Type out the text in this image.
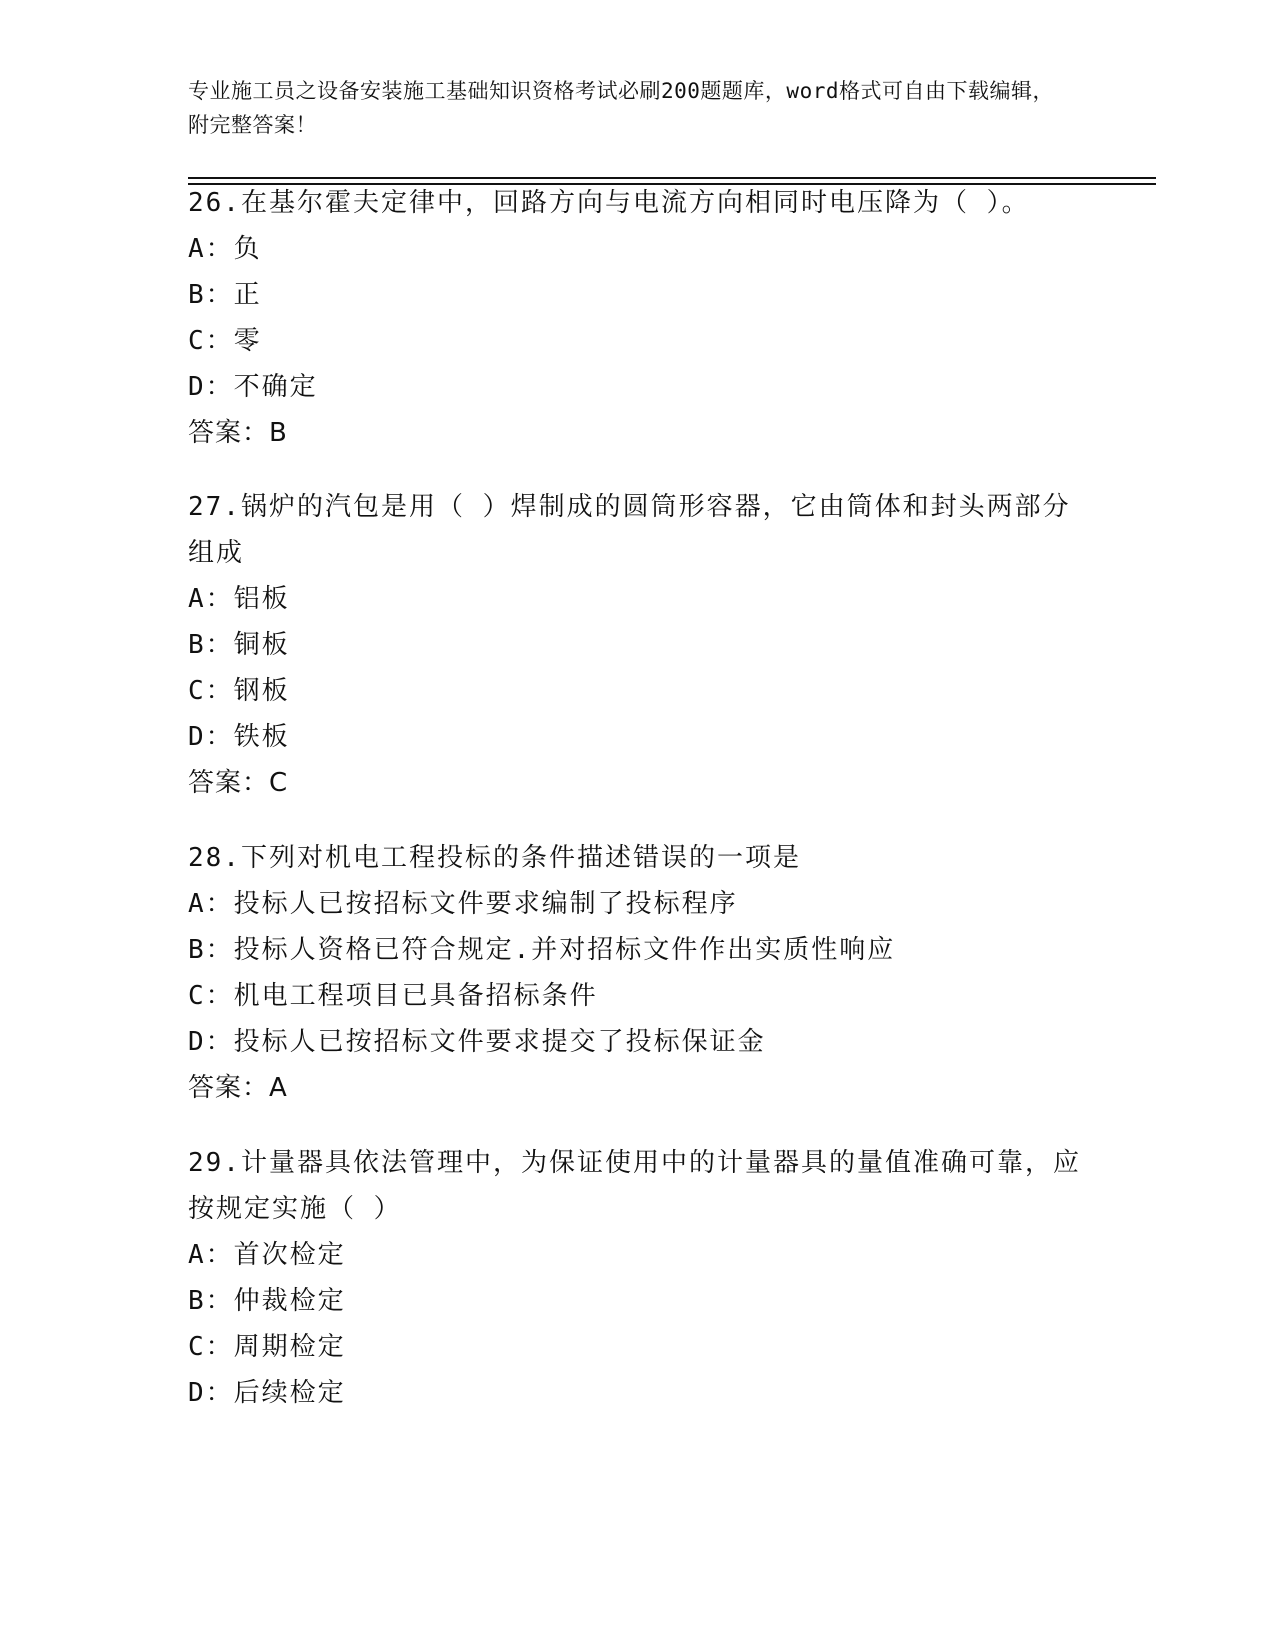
专业施工员之设备安装施工基础知识资格考试必刷200题题库，word格式可自由下载编辑，附完整答案！

26.在基尔霍夫定律中，回路方向与电流方向相同时电压降为（ ）。

A：负

B：正

C：零

D：不确定

答案：B

27.锅炉的汽包是用（ ）焊制成的圆筒形容器，它由筒体和封头两部分组成

A：铝板

B：铜板

C：钢板

D：铁板

答案：C

28.下列对机电工程投标的条件描述错误的一项是

A：投标人已按招标文件要求编制了投标程序

B：投标人资格已符合规定.并对招标文件作出实质性响应

C：机电工程项目已具备招标条件

D：投标人已按招标文件要求提交了投标保证金

答案：A

29.计量器具依法管理中，为保证使用中的计量器具的量值准确可靠，应按规定实施（ ）

A：首次检定

B：仲裁检定

C：周期检定

D：后续检定
